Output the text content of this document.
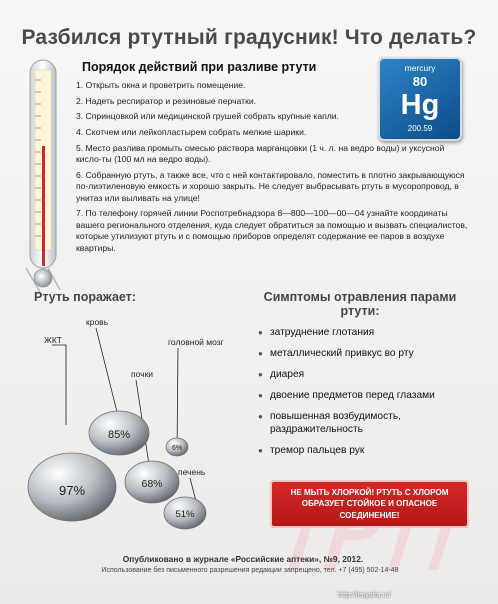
Разбился ртутный градусник! Что делать?
Порядок действий при разливе ртути

1. Открыть окна и проветрить помещение.

2. Надеть респиратор и резиновые перчатки.

3. Спринцовкой или медицинской грушей собрать крупные капли.

4. Скотчем или лейкопластырем собрать мелкие шарики.

5. Место разлива промыть смесью раствора марганцовки (1 ч. л. на ведро воды) и уксусной кисло-ты (100 мл на ведро воды).

6. Собранную ртуть, а также все, что с ней контактировало, поместить в плотно закрывающуюся по-лиэтиленовую емкость и хорошо закрыть. Не следует выбрасывать ртуть в мусоропровод, в унитаз или выливать на улице!

7. По телефону горячей линии Роспотребнадзора 8—800—100—00—04 узнайте координаты вашего регионального отделения, куда следует обратиться за помощью и вызвать специалистов, которые утилизуют ртуть и с помощью приборов определят содержание ее паров в воздухе квартиры.

mercury
80
Hg
200.59
Ртуть поражает:
ЖКТ
кровь
почки
головной мозг
печень
97%
85%
68%
6%
51%
Симптомы отравления парами ртути:
● затруднение глотания
● металлический привкус во рту
● диарея
● двоение предметов перед глазами
● повышенная возбудимость, раздражительность
● тремор пальцев рук
НЕ МЫТЬ ХЛОРКОЙ! РТУТЬ С ХЛОРОМ ОБРАЗУЕТ СТОЙКОЕ И ОПАСНОЕ СОЕДИНЕНИЕ!
Опубликовано в журнале «Российские аптеки», №9, 2012.
Использование без письменного разрешения редакции запрещено, тел. +7 (495) 502-14-48
http://lesyaka.ru/
